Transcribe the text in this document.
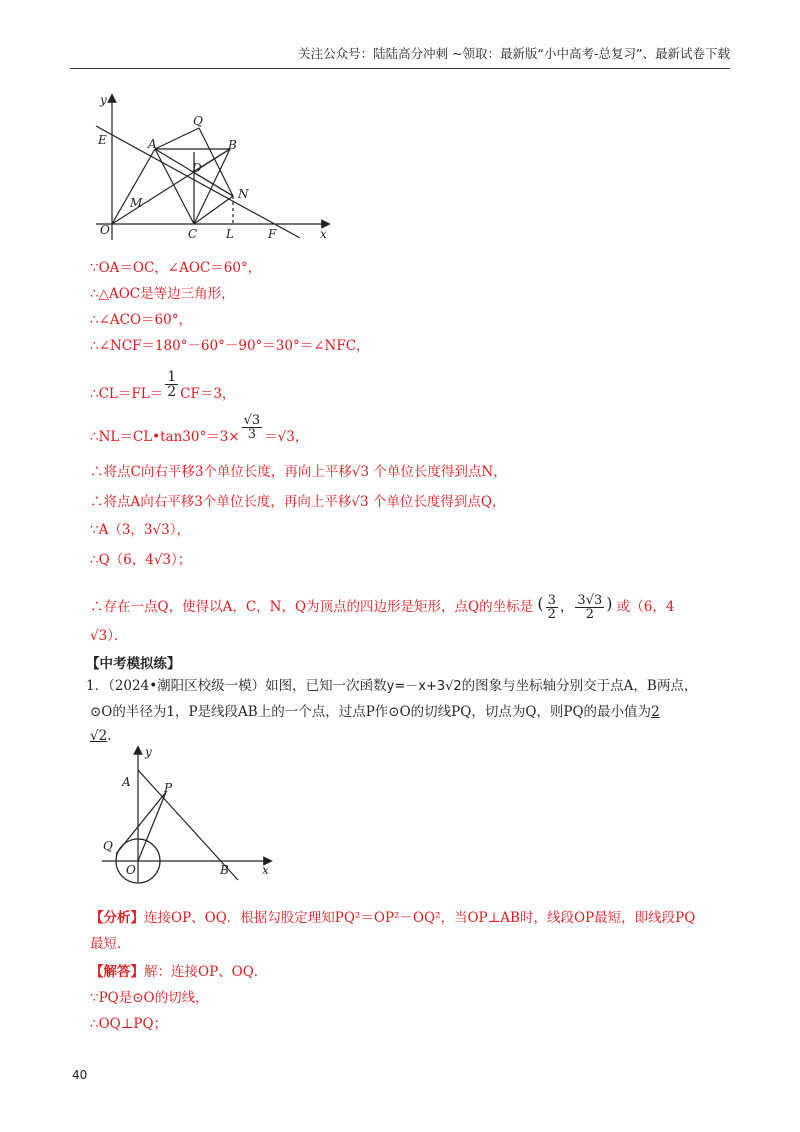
关注公众号：陆陆高分冲刺 ~领取：最新版“小中高考-总复习”、最新试卷下载
y
E	A
Q
B
D
N
M
O	C L	F	x
∵OA＝OC，∠AOC＝60°，
∴△AOC是等边三角形，
∴∠ACO＝60°，
∴∠NCF＝180°－60°－90°＝30°＝∠NFC，
∴CL＝FL＝ $\frac{1}{2} CF=3$，
∴NL＝CL•tan30°＝3× $\frac{√3}{3} =√3$，
∴将点C向右平移3个单位长度，再向上平移√3 个单位长度得到点N，
∴将点A向右平移3个单位长度，再向上平移√3 个单位长度得到点Q，
∵A（3，3√3），
∴Q（6，4√3）；
∴存在一点Q，使得以A，C，N，Q为顶点的四边形是矩形，点Q的坐标是 ( $\frac{3}{2}$ ， $\frac{3√3}{2}$ ) 或（6，4
√3）．
【中考模拟练】
1．（2024•潮阳区校级一模）如图，已知一次函数y=－x+3√2的图象与坐标轴分别交于点A，B两点，
⊙O的半径为1，P是线段AB上的一个点，过点P作⊙O的切线PQ，切点为Q，则PQ的最小值为2
√2．
y
A	P
Q
O	B	x
【分析】连接OP、OQ．根据勾股定理知PQ²＝OP²－OQ²，当OP⊥AB时，线段OP最短，即线段PQ
最短．
【解答】解：连接OP、OQ．
∵PQ是⊙O的切线，
∴OQ⊥PQ；
40
